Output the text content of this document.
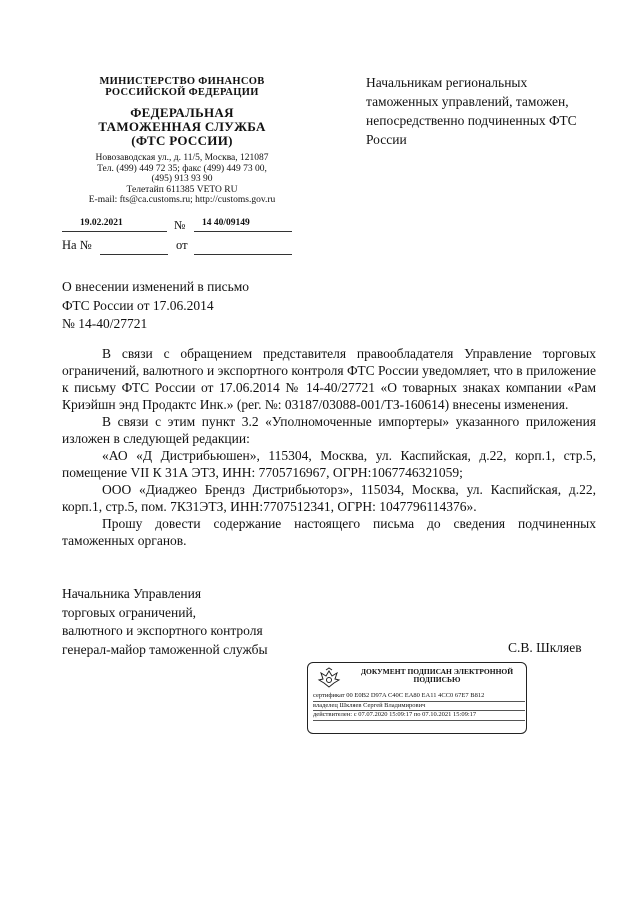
МИНИСТЕРСТВО ФИНАНСОВ
РОССИЙСКОЙ ФЕДЕРАЦИИ
ФЕДЕРАЛЬНАЯ
ТАМОЖЕННАЯ СЛУЖБА
(ФТС РОССИИ)
Новозаводская ул., д. 11/5, Москва, 121087
Тел. (499) 449 72 35; факс (499) 449 73 00,
(495) 913 93 90
Телетайп 611385 VETO RU
E-mail: fts@ca.customs.ru; http://customs.gov.ru
19.02.2021	№ 14 40/09149
На №	от
Начальникам региональных таможенных управлений, таможен, непосредственно подчиненных ФТС России
О внесении изменений в письмо
ФТС России от 17.06.2014
№ 14-40/27721

В связи с обращением представителя правообладателя Управление торговых ограничений, валютного и экспортного контроля ФТС России уведомляет, что в приложение к письму ФТС России от 17.06.2014 № 14-40/27721 «О товарных знаках компании «Рам Криэйшн энд Продактс Инк.» (рег. №: 03187/03088-001/ТЗ-160614) внесены изменения.

В связи с этим пункт 3.2 «Уполномоченные импортеры» указанного приложения изложен в следующей редакции:

«АО «Д Дистрибьюшен», 115304, Москва, ул. Каспийская, д.22, корп.1, стр.5, помещение VII К 31А ЭТЗ, ИНН: 7705716967, ОГРН:1067746321059;

ООО «Диаджео Брендз Дистрибьюторз», 115034, Москва, ул. Каспийская, д.22, корп.1, стр.5, пом. 7К31ЭТЗ, ИНН:7707512341, ОГРН: 1047796114376».

Прошу довести содержание настоящего письма до сведения подчиненных таможенных органов.

Начальника Управления
торговых ограничений,
валютного и экспортного контроля
генерал-майор таможенной службы	С.В. Шкляев
ДОКУМЕНТ ПОДПИСАН ЭЛЕКТРОННОЙ
ПОДПИСЬЮ
сертификат 00 E0B2 D97A C40C EA80 EA11 4CC0 67E7 B812
владелец Шкляев Сергей Владимирович
действителен: с 07.07.2020 15:09:17 по 07.10.2021 15:09:17
